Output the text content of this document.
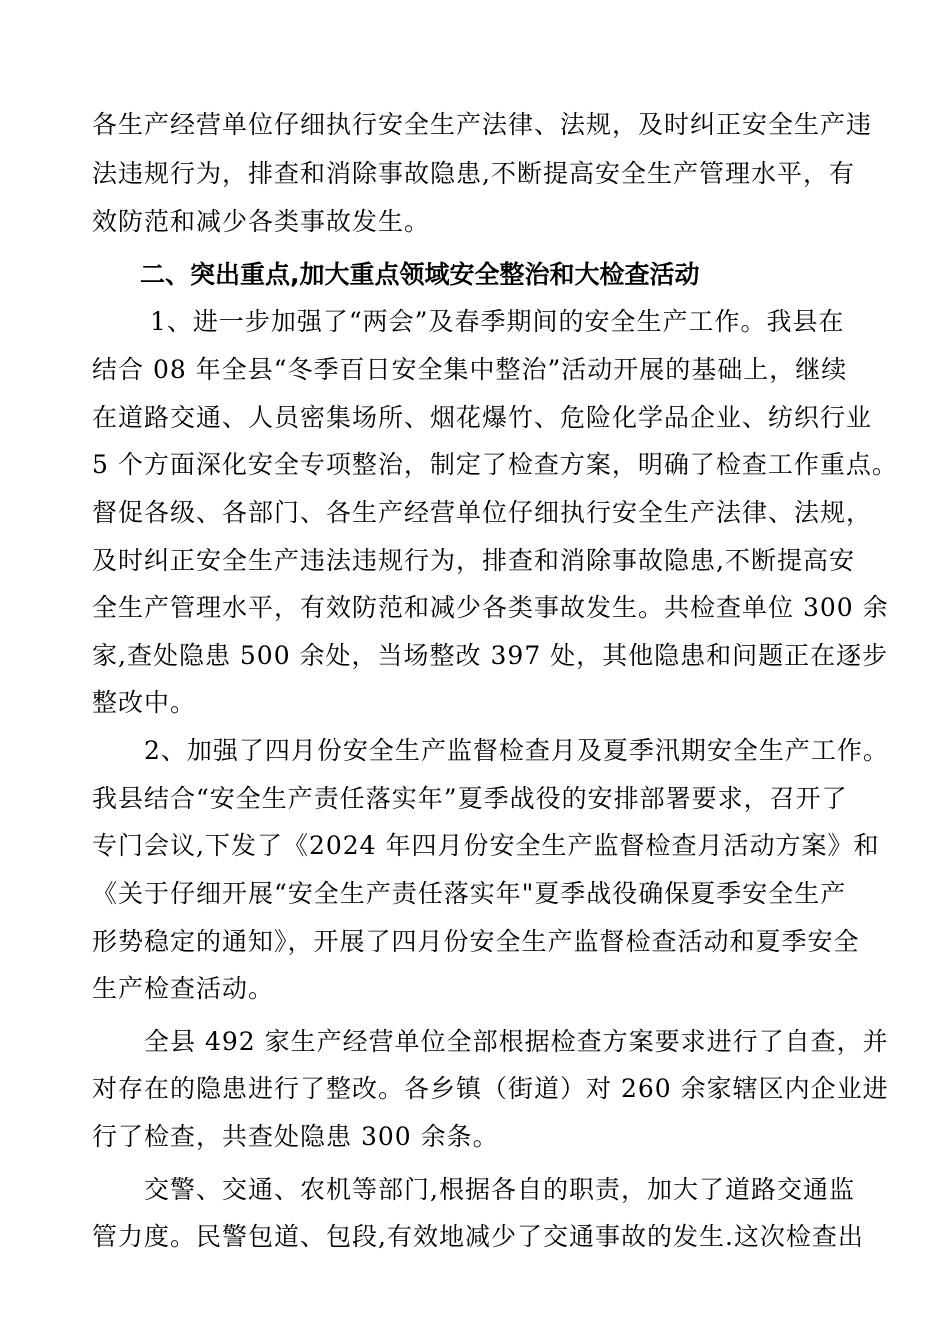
各生产经营单位仔细执行安全生产法律、法规，及时纠正安全生产违
法违规行为，排查和消除事故隐患,不断提高安全生产管理水平，有
效防范和减少各类事故发生。
二、突出重点,加大重点领域安全整治和大检查活动
1、进一步加强了“两会”及春季期间的安全生产工作。我县在
结合 08 年全县“冬季百日安全集中整治”活动开展的基础上，继续
在道路交通、人员密集场所、烟花爆竹、危险化学品企业、纺织行业
5 个方面深化安全专项整治，制定了检查方案，明确了检查工作重点。
督促各级、各部门、各生产经营单位仔细执行安全生产法律、法规，
及时纠正安全生产违法违规行为，排查和消除事故隐患,不断提高安
全生产管理水平，有效防范和减少各类事故发生。共检查单位 300 余
家,查处隐患 500 余处，当场整改 397 处，其他隐患和问题正在逐步
整改中。
2、加强了四月份安全生产监督检查月及夏季汛期安全生产工作。
我县结合“安全生产责任落实年”夏季战役的安排部署要求，召开了
专门会议,下发了《2024 年四月份安全生产监督检查月活动方案》和
《关于仔细开展“安全生产责任落实年"夏季战役确保夏季安全生产
形势稳定的通知》，开展了四月份安全生产监督检查活动和夏季安全
生产检查活动。
全县 492 家生产经营单位全部根据检查方案要求进行了自查，并
对存在的隐患进行了整改。各乡镇（街道）对 260 余家辖区内企业进
行了检查，共查处隐患 300 余条。
交警、交通、农机等部门,根据各自的职责，加大了道路交通监
管力度。民警包道、包段,有效地减少了交通事故的发生.这次检查出
